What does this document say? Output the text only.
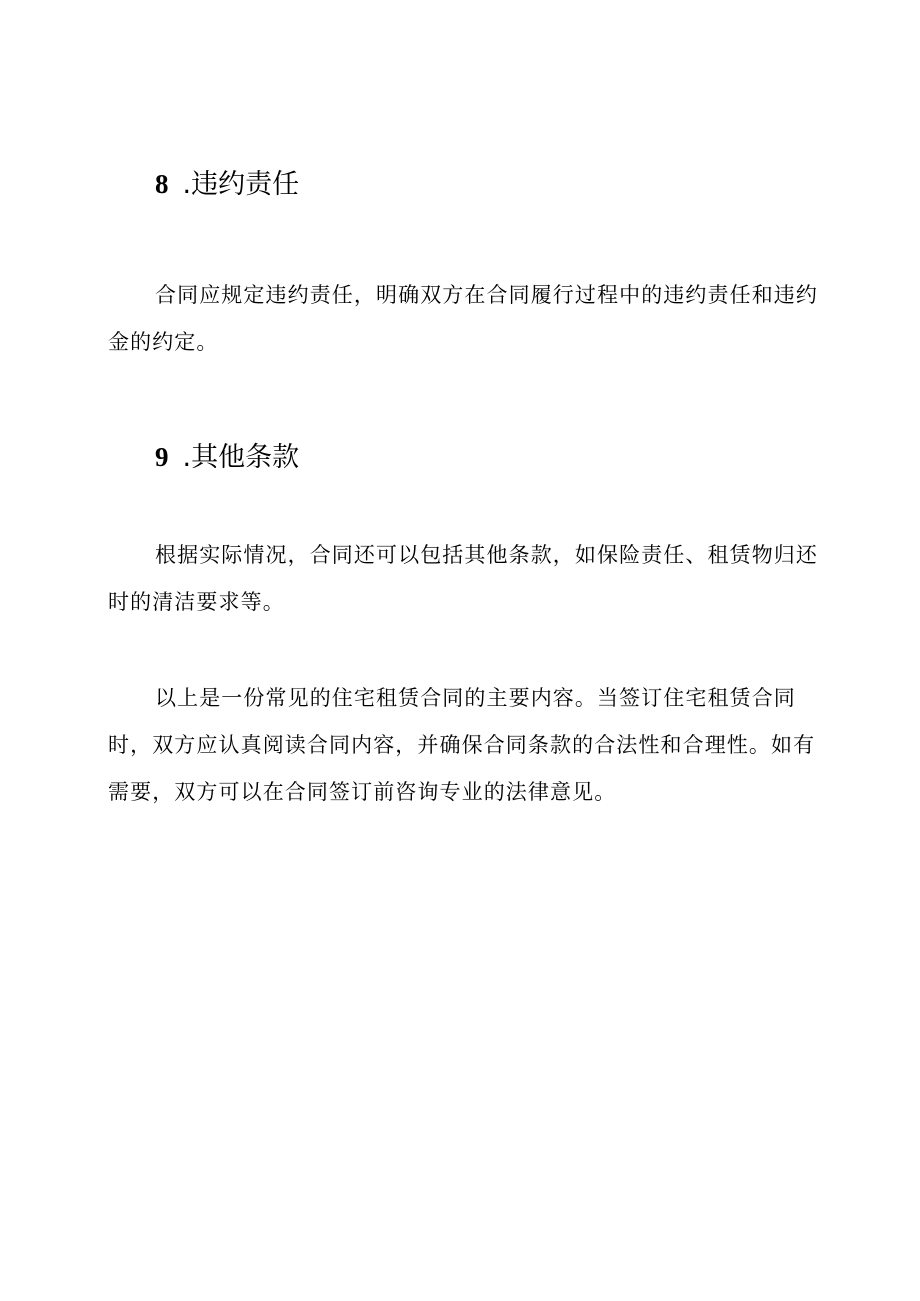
8 .违约责任

合同应规定违约责任，明确双方在合同履行过程中的违约责任和违约金的约定。

9 .其他条款

根据实际情况，合同还可以包括其他条款，如保险责任、租赁物归还时的清洁要求等。

以上是一份常见的住宅租赁合同的主要内容。当签订住宅租赁合同时，双方应认真阅读合同内容，并确保合同条款的合法性和合理性。如有需要，双方可以在合同签订前咨询专业的法律意见。
